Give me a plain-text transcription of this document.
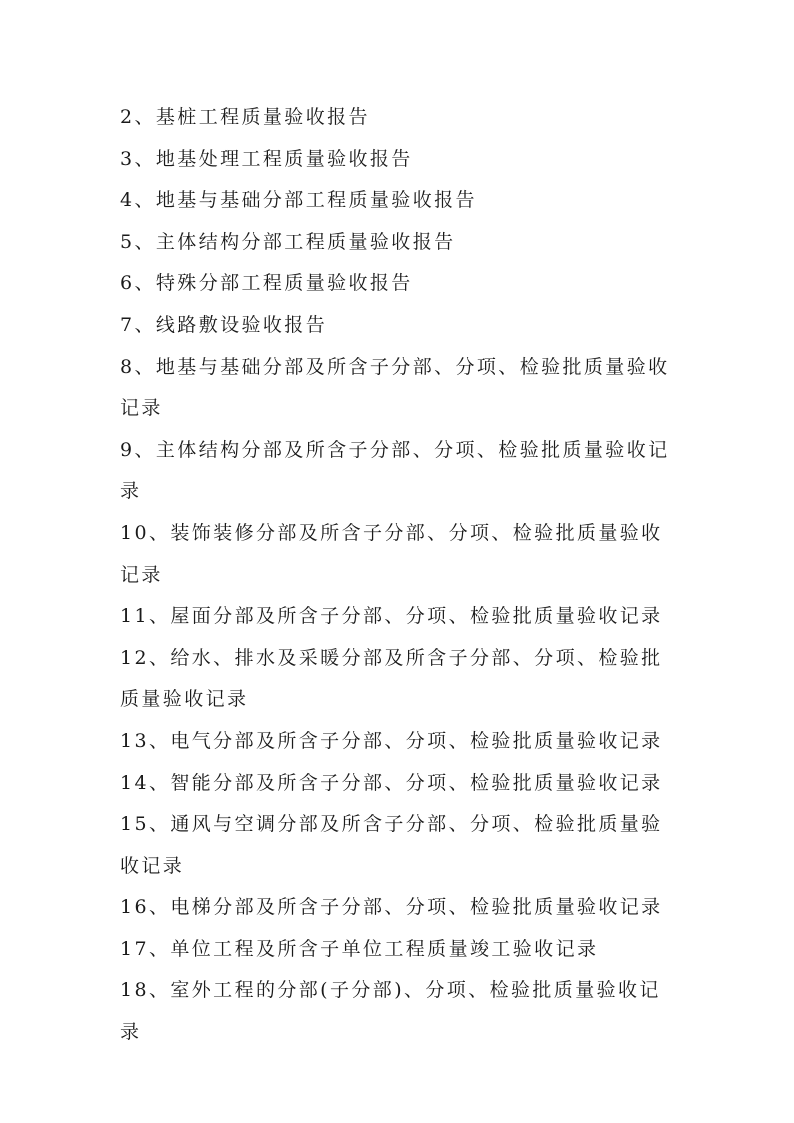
2、基桩工程质量验收报告

3、地基处理工程质量验收报告

4、地基与基础分部工程质量验收报告

5、主体结构分部工程质量验收报告

6、特殊分部工程质量验收报告

7、线路敷设验收报告

8、地基与基础分部及所含子分部、分项、检验批质量验收记录

9、主体结构分部及所含子分部、分项、检验批质量验收记录

10、装饰装修分部及所含子分部、分项、检验批质量验收记录

11、屋面分部及所含子分部、分项、检验批质量验收记录

12、给水、排水及采暖分部及所含子分部、分项、检验批质量验收记录

13、电气分部及所含子分部、分项、检验批质量验收记录

14、智能分部及所含子分部、分项、检验批质量验收记录

15、通风与空调分部及所含子分部、分项、检验批质量验收记录

16、电梯分部及所含子分部、分项、检验批质量验收记录

17、单位工程及所含子单位工程质量竣工验收记录

18、室外工程的分部(子分部)、分项、检验批质量验收记录
